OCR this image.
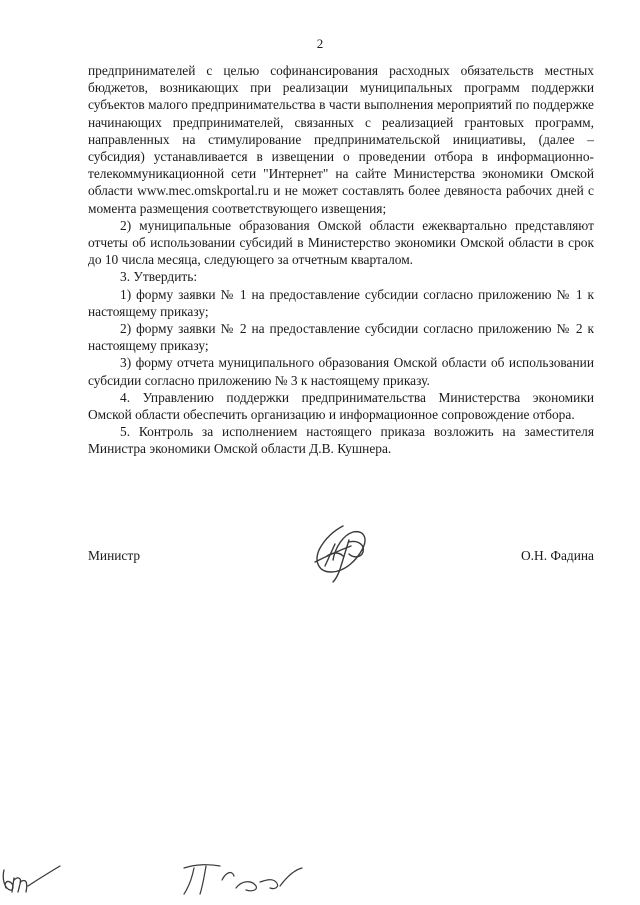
2

предпринимателей с целью софинансирования расходных обязательств местных бюджетов, возникающих при реализации муниципальных программ поддержки субъектов малого предпринимательства в части выполнения мероприятий по поддержке начинающих предпринимателей, связанных с реализацией грантовых программ, направленных на стимулирование предпринимательской инициативы, (далее – субсидия) устанавливается в извещении о проведении отбора в информационно-телекоммуникационной сети "Интернет" на сайте Министерства экономики Омской области www.mec.omskportal.ru и не может составлять более девяноста рабочих дней с момента размещения соответствующего извещения;

2) муниципальные образования Омской области ежеквартально представляют отчеты об использовании субсидий в Министерство экономики Омской области в срок до 10 числа месяца, следующего за отчетным кварталом.

3. Утвердить:

1) форму заявки № 1 на предоставление субсидии согласно приложению № 1 к настоящему приказу;

2) форму заявки № 2 на предоставление субсидии согласно приложению № 2 к настоящему приказу;

3) форму отчета муниципального образования Омской области об использовании субсидии согласно приложению № 3 к настоящему приказу.

4. Управлению поддержки предпринимательства Министерства экономики Омской области обеспечить организацию и информационное сопровождение отбора.

5. Контроль за исполнением настоящего приказа возложить на заместителя Министра экономики Омской области Д.В. Кушнера.

Министр	О.Н. Фадина
